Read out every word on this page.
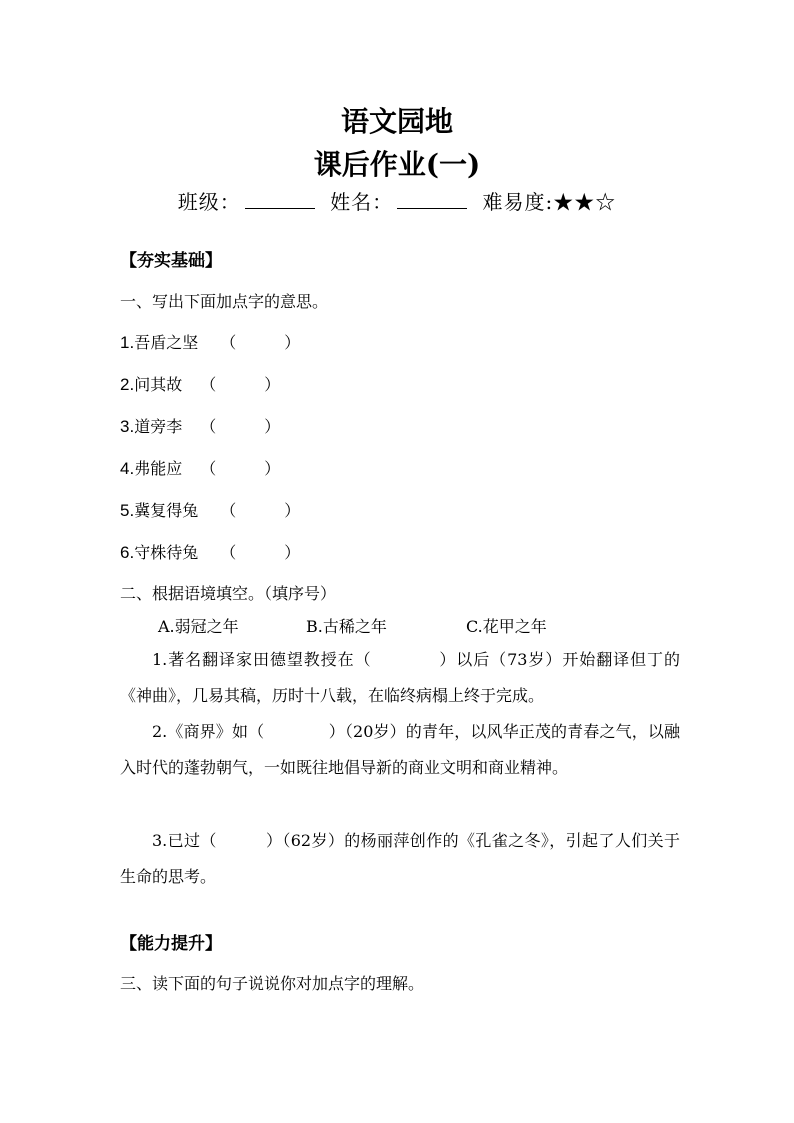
语文园地
课后作业(一)
班级：	姓名：	难易度:★★☆
【夯实基础】
一、写出下面加点字的意思。
1.吾盾之坚 （　　　）
2.问其故 （　　　）
3.道旁李 （　　　）
4.弗能应 （　　　）
5.冀复得兔 （　　　）
6.守株待兔 （　　　）
二、根据语境填空。（填序号）
A.弱冠之年	B.古稀之年	C.花甲之年
1.著名翻译家田德望教授在（　　　　）以后（73岁）开始翻译但丁的《神曲》，几易其稿，历时十八载，在临终病榻上终于完成。
2.《商界》如（　　　　）（20岁）的青年，以风华正茂的青春之气，以融入时代的蓬勃朝气，一如既往地倡导新的商业文明和商业精神。
3.已过（　　　）（62岁）的杨丽萍创作的《孔雀之冬》，引起了人们关于生命的思考。
【能力提升】
三、读下面的句子说说你对加点字的理解。
